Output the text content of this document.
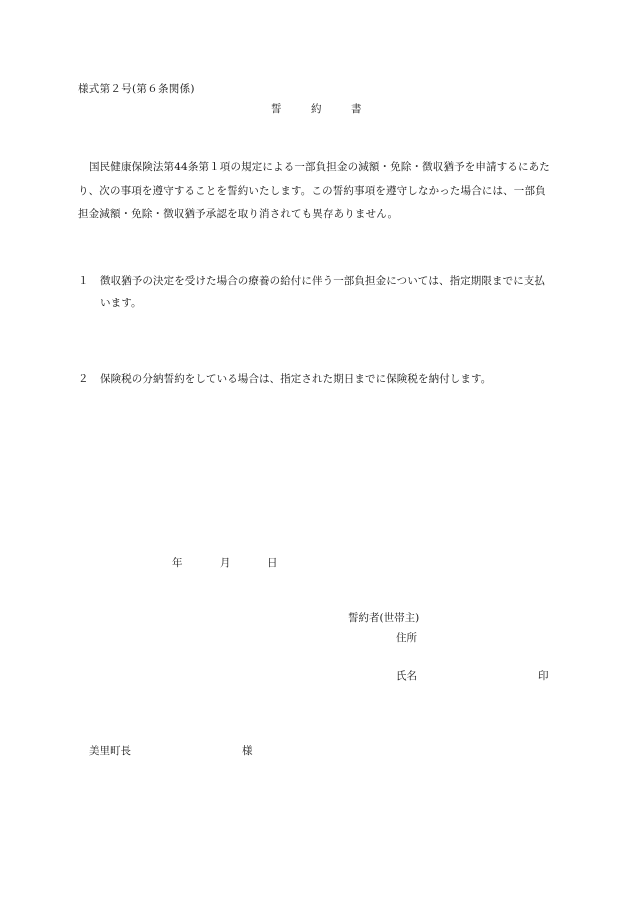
様式第２号(第６条関係)
誓	約	書
国民健康保険法第44条第１項の規定による一部負担金の減額・免除・徴収猶予を申請するにあたり、次の事項を遵守することを誓約いたします。この誓約事項を遵守しなかった場合には、一部負担金減額・免除・徴収猶予承認を取り消されても異存ありません。
１	徴収猶予の決定を受けた場合の療養の給付に伴う一部負担金については、指定期限までに支払います。
２	保険税の分納誓約をしている場合は、指定された期日までに保険税を納付します。
年	月	日
誓約者(世帯主)
住所
氏名	印
美里町長	様
